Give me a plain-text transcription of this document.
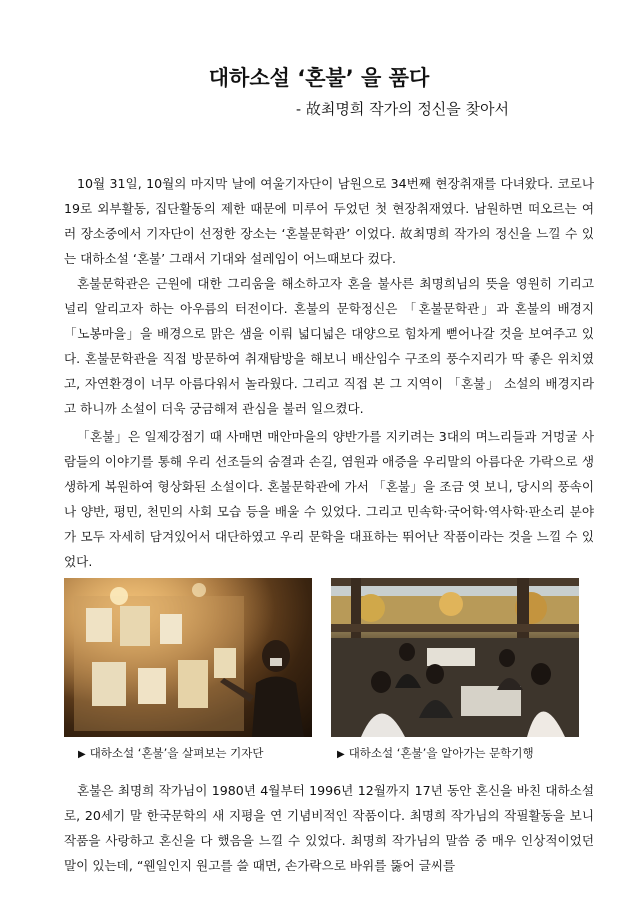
대하소설 ‘혼불’ 을 품다
- 故최명희 작가의 정신을 찾아서

10월 31일, 10월의 마지막 날에 여울기자단이 남원으로 34번째 현장취재를 다녀왔다. 코로나19로 외부활동, 집단활동의 제한 때문에 미루어 두었던 첫 현장취재였다. 남원하면 떠오르는 여러 장소중에서 기자단이 선정한 장소는 ‘혼불문학관’ 이었다. 故최명희 작가의 정신을 느낄 수 있는 대하소설 ‘혼불’ 그래서 기대와 설레임이 어느때보다 컸다.

혼불문학관은 근원에 대한 그리움을 해소하고자 혼을 불사른 최명희님의 뜻을 영원히 기리고 널리 알리고자 하는 아우름의 터전이다. 혼불의 문학정신은 「혼불문학관」과 혼불의 배경지 「노봉마을」을 배경으로 맑은 샘을 이뤄 넓디넓은 대양으로 힘차게 뻗어나갈 것을 보여주고 있다. 혼불문학관을 직접 방문하여 취재탐방을 해보니 배산임수 구조의 풍수지리가 딱 좋은 위치였고, 자연환경이 너무 아름다워서 놀라웠다. 그리고 직접 본 그 지역이 「혼불」 소설의 배경지라고 하니까 소설이 더욱 궁금해져 관심을 불러 일으켰다.

「혼불」은 일제강점기 때 사매면 매안마을의 양반가를 지키려는 3대의 며느리들과 거멍굴 사람들의 이야기를 통해 우리 선조들의 숨결과 손길, 염원과 애증을 우리말의 아름다운 가락으로 생생하게 복원하여 형상화된 소설이다. 혼불문학관에 가서 「혼불」을 조금 엿 보니, 당시의 풍속이나 양반, 평민, 천민의 사회 모습 등을 배울 수 있었다. 그리고 민속학·국어학·역사학·판소리 분야가 모두 자세히 담겨있어서 대단하였고 우리 문학을 대표하는 뛰어난 작품이라는 것을 느낄 수 있었다.

▶ 대하소설 ‘혼불’을 살펴보는 기자단	▶ 대하소설 ‘혼불’을 알아가는 문학기행

혼불은 최명희 작가님이 1980년 4월부터 1996년 12월까지 17년 동안 혼신을 바친 대하소설로, 20세기 말 한국문학의 새 지평을 연 기념비적인 작품이다. 최명희 작가님의 작필활동을 보니 작품을 사랑하고 혼신을 다 했음을 느낄 수 있었다. 최명희 작가님의 말씀 중 매우 인상적이었던 말이 있는데, “웬일인지 원고를 쓸 때면, 손가락으로 바위를 뚫어 글씨를
